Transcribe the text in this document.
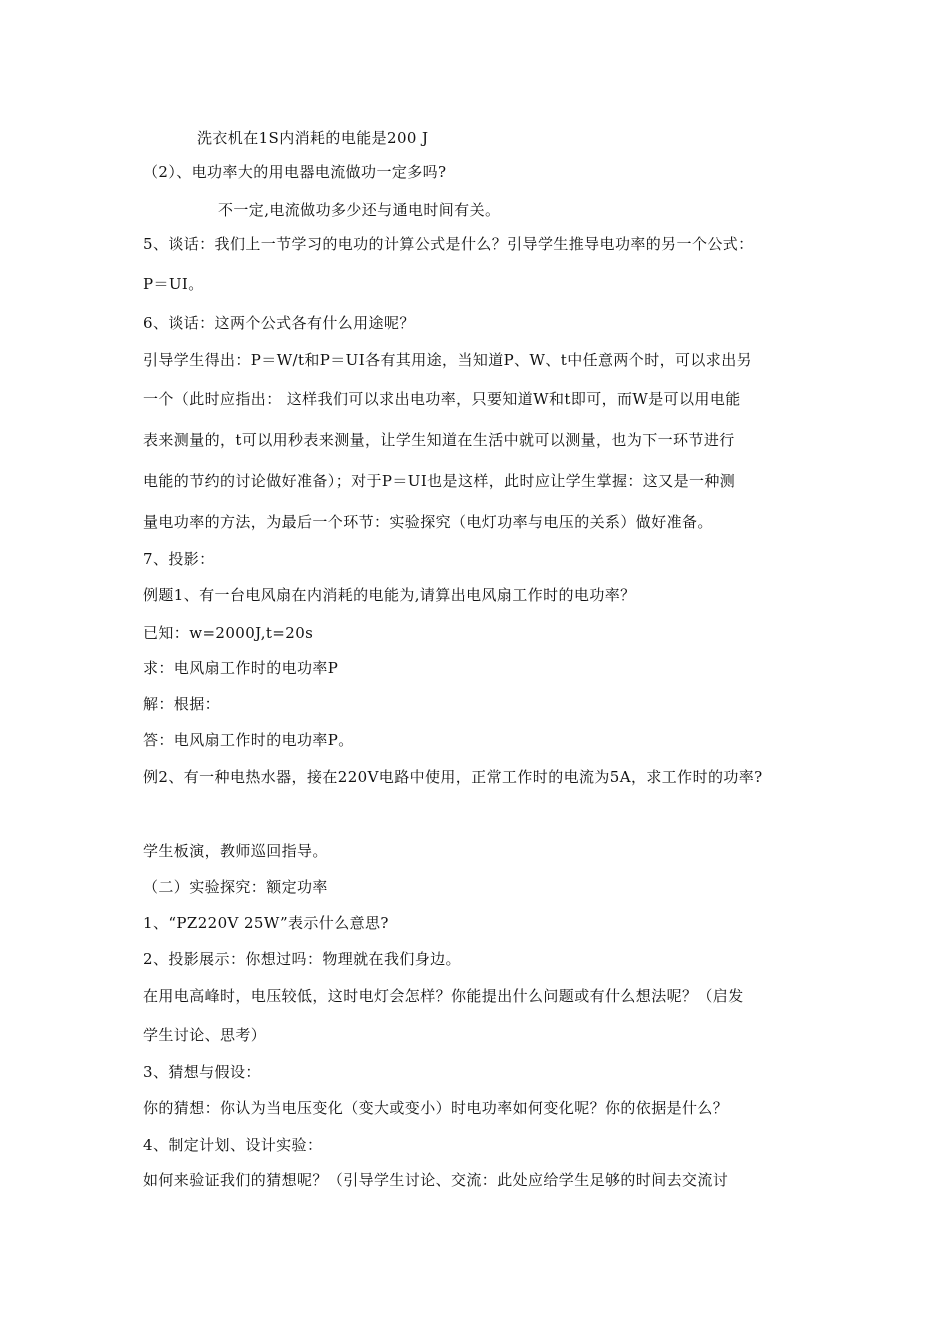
洗衣机在1S内消耗的电能是200 J
（2）、电功率大的用电器电流做功一定多吗?
不一定,电流做功多少还与通电时间有关。
5、谈话：我们上一节学习的电功的计算公式是什么？引导学生推导电功率的另一个公式：
P＝UI。
6、谈话：这两个公式各有什么用途呢？
引导学生得出：P＝W/t和P＝UI各有其用途，当知道P、W、t中任意两个时，可以求出另
一个（此时应指出： 这样我们可以求出电功率，只要知道W和t即可，而W是可以用电能
表来测量的，t可以用秒表来测量，让学生知道在生活中就可以测量，也为下一环节进行
电能的节约的讨论做好准备）；对于P＝UI也是这样，此时应让学生掌握：这又是一种测
量电功率的方法，为最后一个环节：实验探究（电灯功率与电压的关系）做好准备。
7、投影：
例题1、有一台电风扇在内消耗的电能为,请算出电风扇工作时的电功率？
已知：w=2000J,t=20s
求：电风扇工作时的电功率P
解：根据：
答：电风扇工作时的电功率P。
例2、有一种电热水器，接在220V电路中使用，正常工作时的电流为5A，求工作时的功率?
学生板演，教师巡回指导。
（二）实验探究：额定功率
1、“PZ220V 25W”表示什么意思?
2、投影展示：你想过吗：物理就在我们身边。
在用电高峰时，电压较低，这时电灯会怎样？你能提出什么问题或有什么想法呢？（启发
学生讨论、思考）
3、猜想与假设：
你的猜想：你认为当电压变化（变大或变小）时电功率如何变化呢？你的依据是什么？
4、制定计划、设计实验：
如何来验证我们的猜想呢？（引导学生讨论、交流：此处应给学生足够的时间去交流讨
